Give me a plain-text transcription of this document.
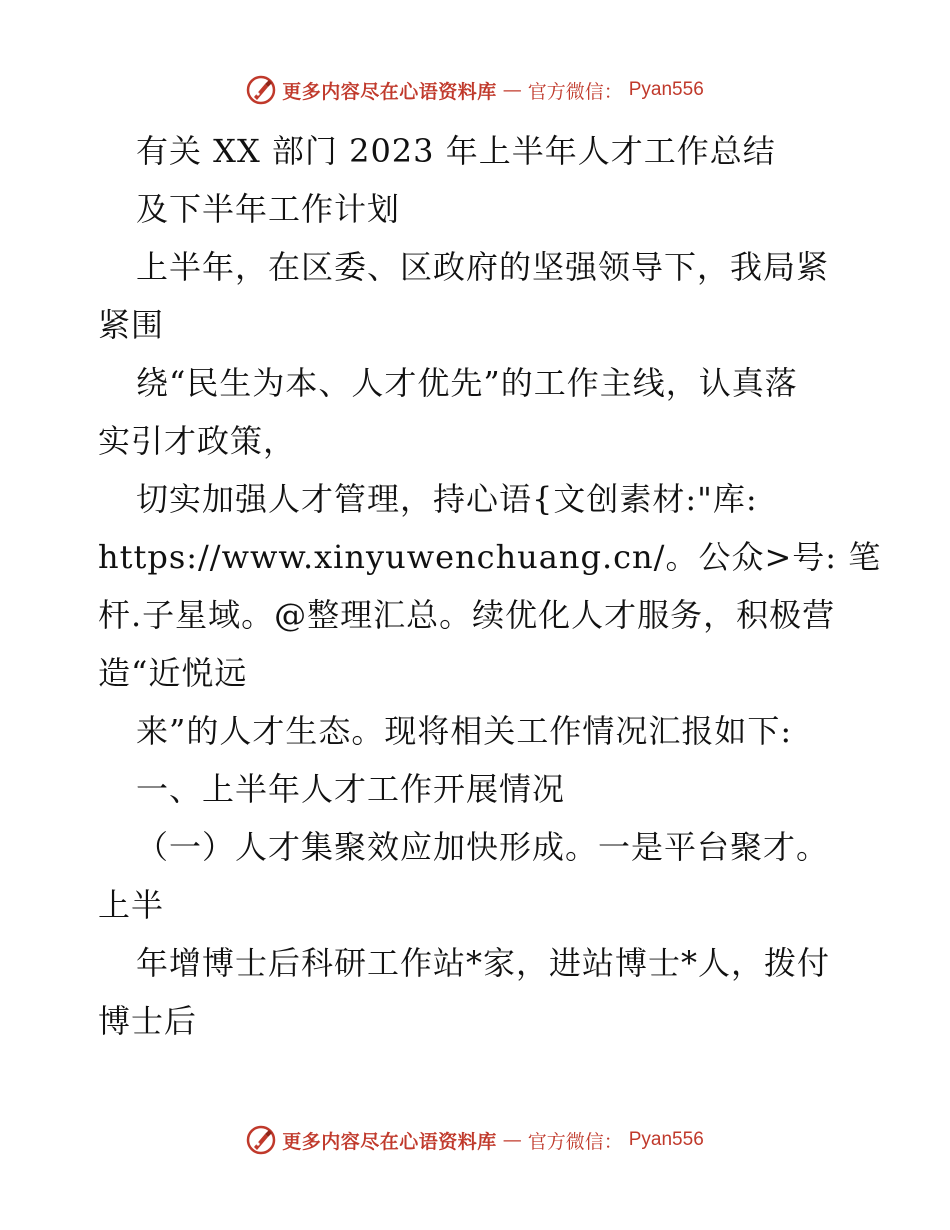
更多内容尽在心语资料库 — 官方微信： Pyan556
有关 XX 部门 2023 年上半年人才工作总结
及下半年工作计划
上半年，在区委、区政府的坚强领导下，我局紧
紧围
绕“民生为本、人才优先”的工作主线，认真落
实引才政策，
切实加强人才管理，持心语{文创素材:"库:
https://www.xinyuwenchuang.cn/。公众>号: 笔
杆.子星域。@整理汇总。续优化人才服务，积极营
造“近悦远
来”的人才生态。现将相关工作情况汇报如下:
一、上半年人才工作开展情况
（一）人才集聚效应加快形成。一是平台聚才。
上半
年增博士后科研工作站*家，进站博士*人，拨付
博士后
更多内容尽在心语资料库 — 官方微信： Pyan556
